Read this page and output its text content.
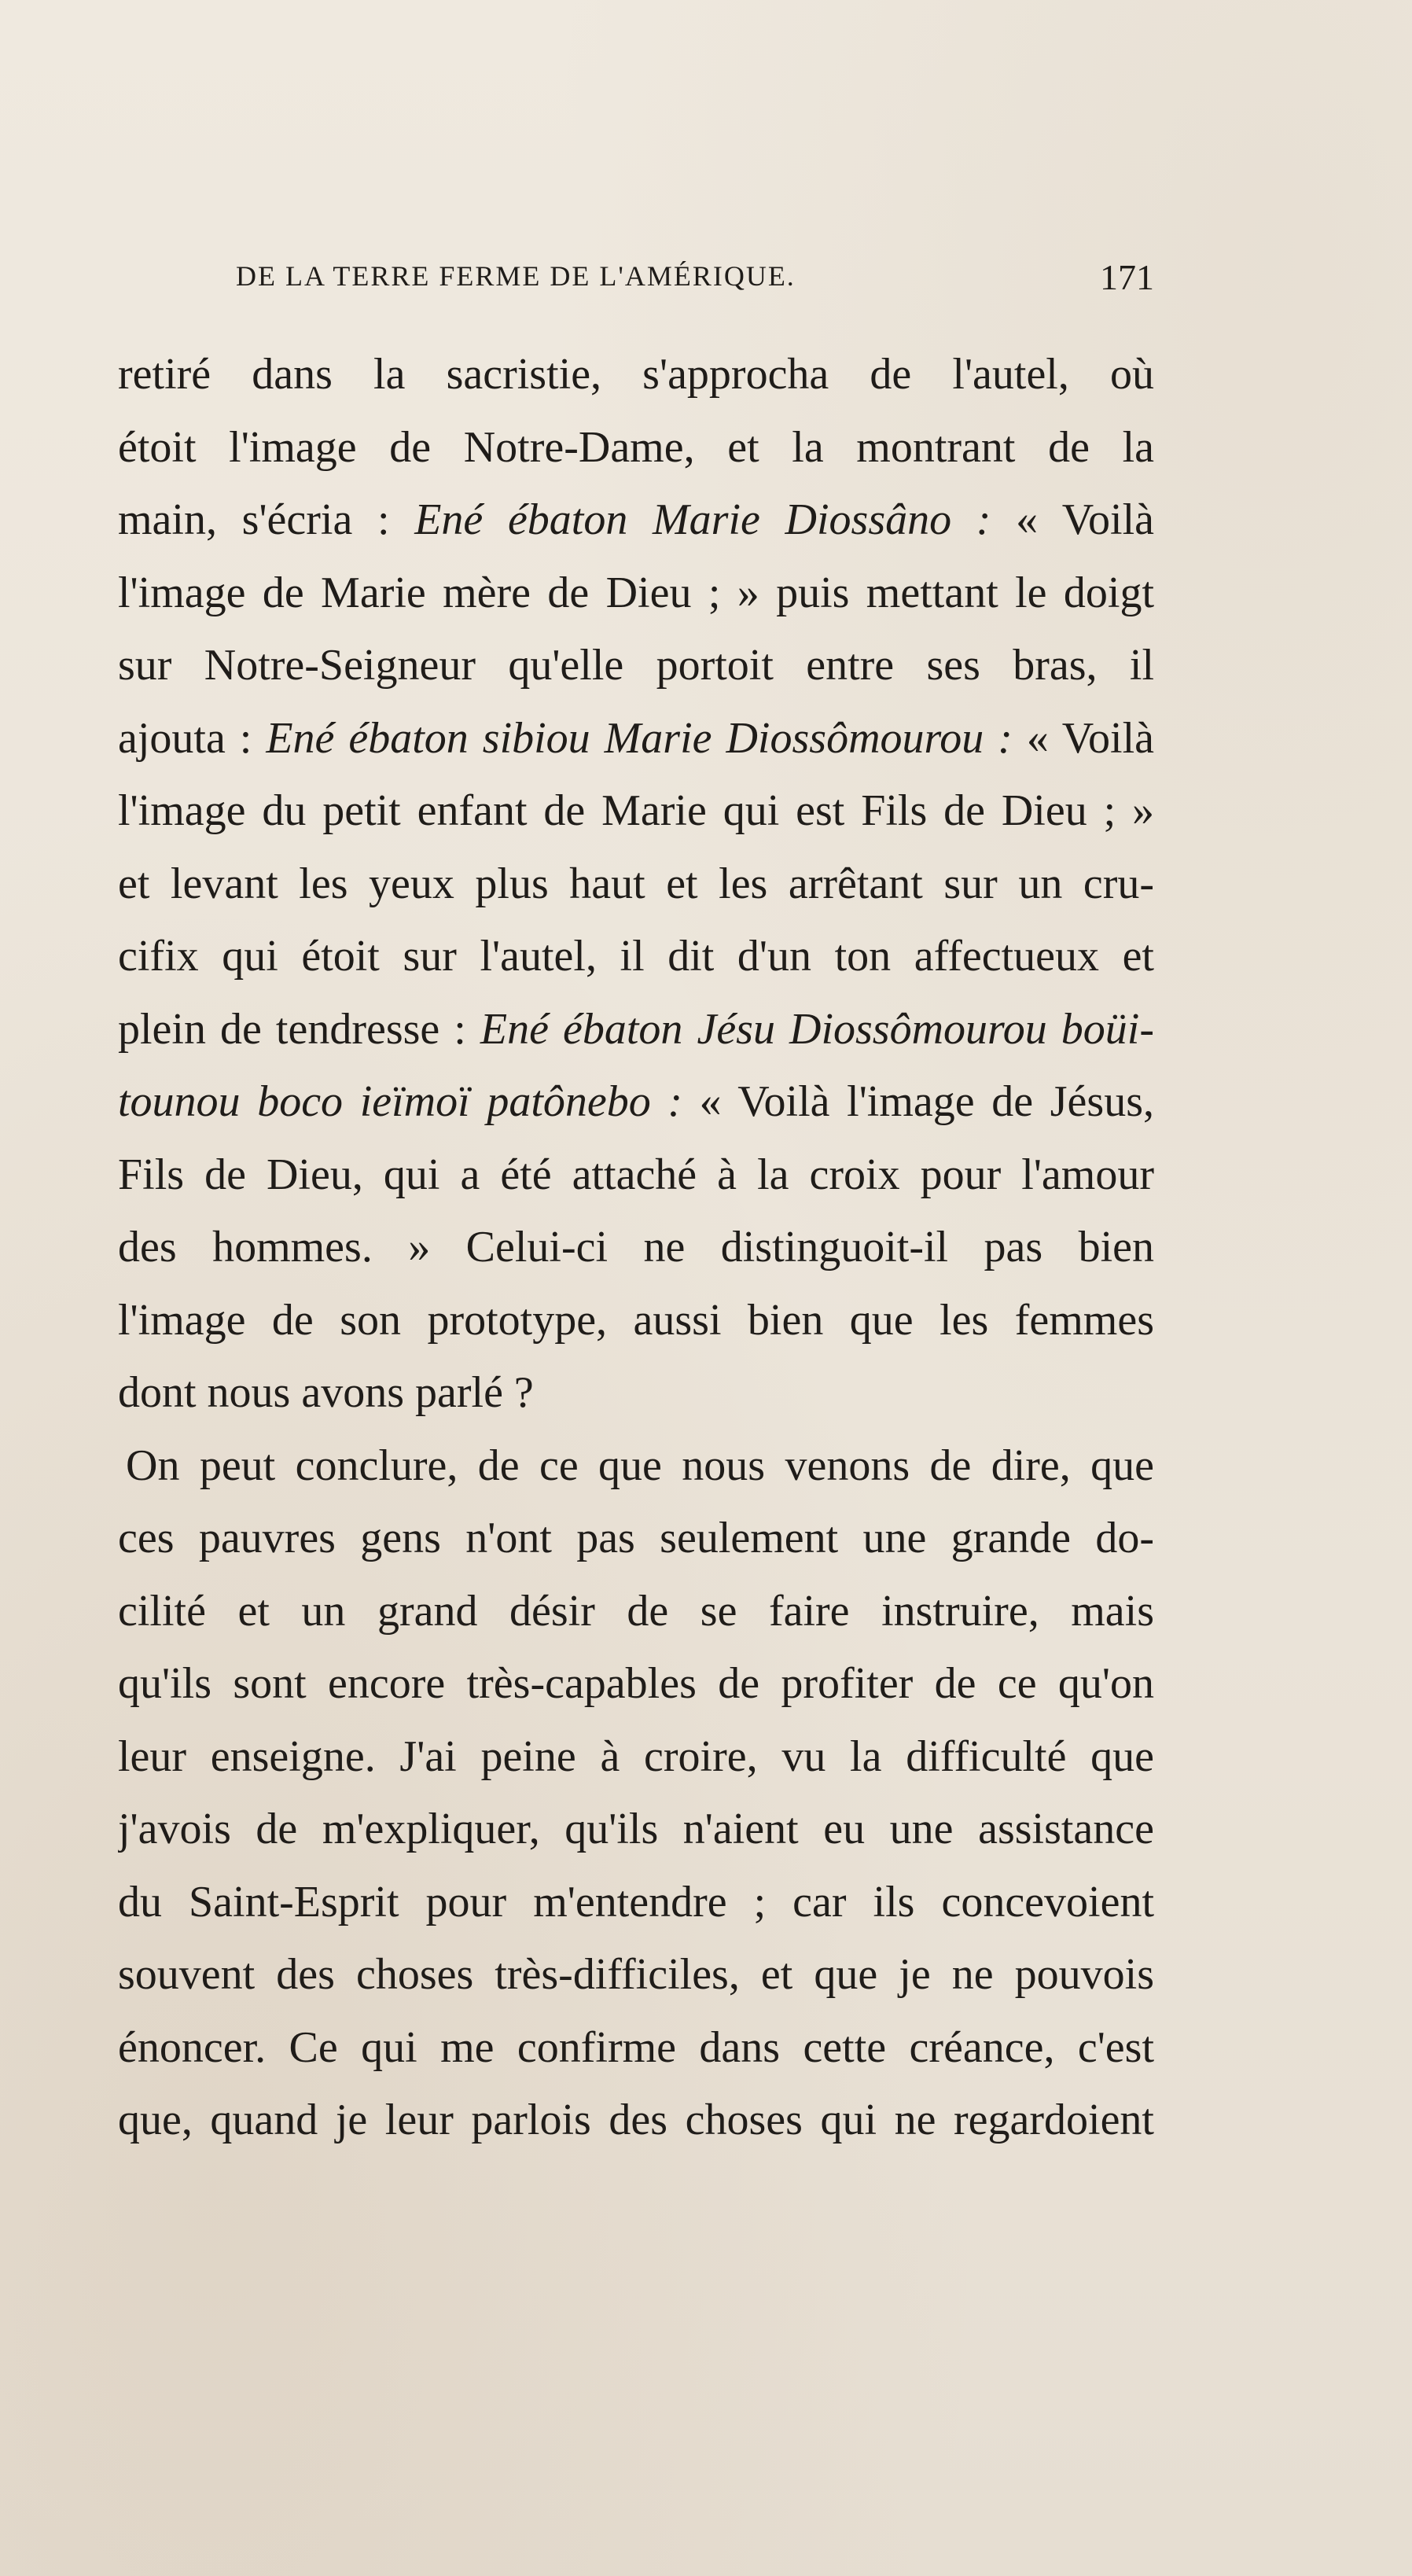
DE LA TERRE FERME DE L'AMÉRIQUE.	171
retiré dans la sacristie, s'approcha de l'autel, où
étoit l'image de Notre-Dame, et la montrant de la
main, s'écria : Ené ébaton Marie Diossâno : « Voilà
l'image de Marie mère de Dieu ; » puis mettant le doigt
sur Notre-Seigneur qu'elle portoit entre ses bras, il
ajouta : Ené ébaton sibiou Marie Diossômourou : « Voilà
l'image du petit enfant de Marie qui est Fils de Dieu ; »
et levant les yeux plus haut et les arrêtant sur un cru-
cifix qui étoit sur l'autel, il dit d'un ton affectueux et
plein de tendresse : Ené ébaton Jésu Diossômourou boüi-
tounou boco ieïmoï patônebo : « Voilà l'image de Jésus,
Fils de Dieu, qui a été attaché à la croix pour l'amour
des hommes. » Celui-ci ne distinguoit-il pas bien
l'image de son prototype, aussi bien que les femmes
dont nous avons parlé ?
On peut conclure, de ce que nous venons de dire, que
ces pauvres gens n'ont pas seulement une grande do-
cilité et un grand désir de se faire instruire, mais
qu'ils sont encore très-capables de profiter de ce qu'on
leur enseigne. J'ai peine à croire, vu la difficulté que
j'avois de m'expliquer, qu'ils n'aient eu une assistance
du Saint-Esprit pour m'entendre ; car ils concevoient
souvent des choses très-difficiles, et que je ne pouvois
énoncer. Ce qui me confirme dans cette créance, c'est
que, quand je leur parlois des choses qui ne regardoient
